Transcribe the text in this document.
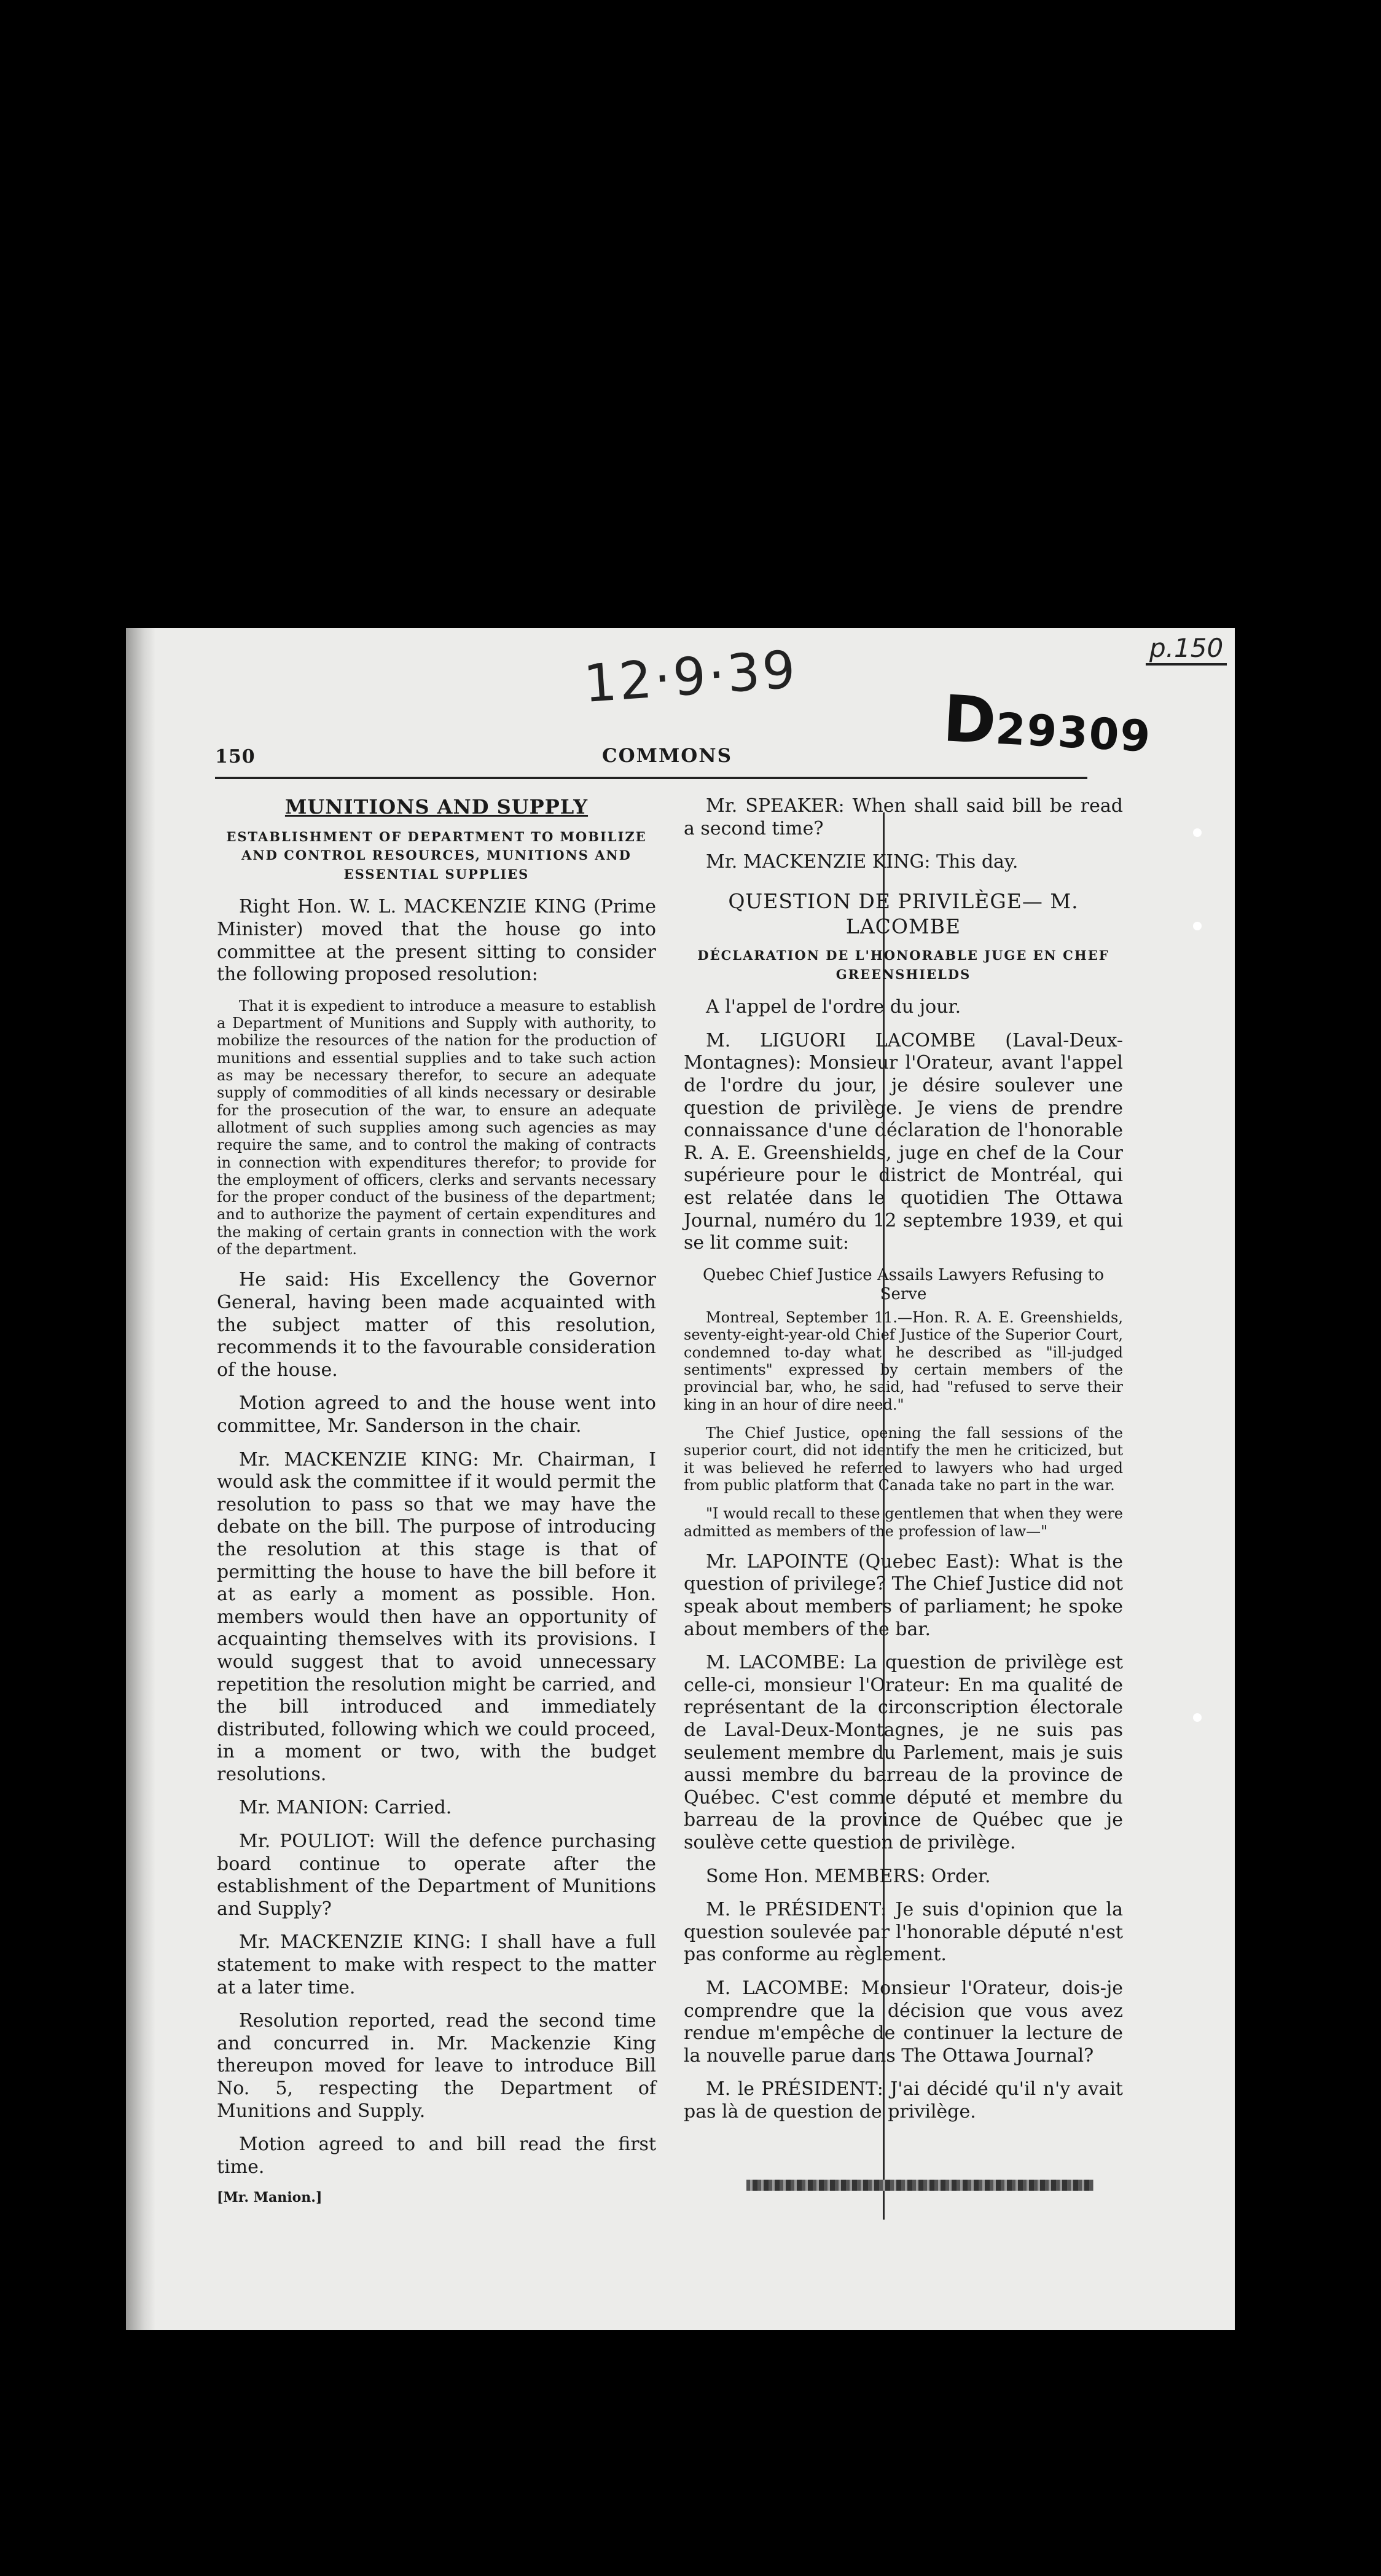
12·9·39	p.150
D29309
150	COMMONS
MUNITIONS AND SUPPLY
ESTABLISHMENT OF DEPARTMENT TO MOBILIZE AND CONTROL RESOURCES, MUNITIONS AND ESSENTIAL SUPPLIES

Right Hon. W. L. MACKENZIE KING (Prime Minister) moved that the house go into committee at the present sitting to consider the following proposed resolution:

That it is expedient to introduce a measure to establish a Department of Munitions and Supply with authority, to mobilize the resources of the nation for the production of munitions and essential supplies and to take such action as may be necessary therefor, to secure an adequate supply of commodities of all kinds necessary or desirable for the prosecution of the war, to ensure an adequate allotment of such supplies among such agencies as may require the same, and to control the making of contracts in connection with expenditures therefor; to provide for the employment of officers, clerks and servants necessary for the proper conduct of the business of the department; and to authorize the payment of certain expenditures and the making of certain grants in connection with the work of the department.

He said: His Excellency the Governor General, having been made acquainted with the subject matter of this resolution, recommends it to the favourable consideration of the house.

Motion agreed to and the house went into committee, Mr. Sanderson in the chair.

Mr. MACKENZIE KING: Mr. Chairman, I would ask the committee if it would permit the resolution to pass so that we may have the debate on the bill. The purpose of introducing the resolution at this stage is that of permitting the house to have the bill before it at as early a moment as possible. Hon. members would then have an opportunity of acquainting themselves with its provisions. I would suggest that to avoid unnecessary repetition the resolution might be carried, and the bill introduced and immediately distributed, following which we could proceed, in a moment or two, with the budget resolutions.

Mr. MANION: Carried.

Mr. POULIOT: Will the defence purchasing board continue to operate after the establishment of the Department of Munitions and Supply?

Mr. MACKENZIE KING: I shall have a full statement to make with respect to the matter at a later time.

Resolution reported, read the second time and concurred in. Mr. Mackenzie King thereupon moved for leave to introduce Bill No. 5, respecting the Department of Munitions and Supply.

Motion agreed to and bill read the first time.

[Mr. Manion.]

Mr. SPEAKER: When shall said bill be read a second time?

Mr. MACKENZIE KING: This day.

QUESTION DE PRIVILÈGE— M. LACOMBE
DÉCLARATION DE L'HONORABLE JUGE EN CHEF GREENSHIELDS

A l'appel de l'ordre du jour.

M. LIGUORI LACOMBE (Laval-Deux-Montagnes): Monsieur l'Orateur, avant l'appel de l'ordre du jour, je désire soulever une question de privilège. Je viens de prendre connaissance d'une déclaration de l'honorable R. A. E. Greenshields, juge en chef de la Cour supérieure pour le district de Montréal, qui est relatée dans le quotidien The Ottawa Journal, numéro du 12 septembre 1939, et qui se lit comme suit:

Quebec Chief Justice Assails Lawyers Refusing to Serve

Montreal, September 11.—Hon. R. A. E. Greenshields, seventy-eight-year-old Chief Justice of the Superior Court, condemned to-day what he described as "ill-judged sentiments" expressed by certain members of the provincial bar, who, he said, had "refused to serve their king in an hour of dire need."

The Chief Justice, opening the fall sessions of the superior court, did not identify the men he criticized, but it was believed he referred to lawyers who had urged from public platform that Canada take no part in the war.

"I would recall to these gentlemen that when they were admitted as members of the profession of law—"

Mr. LAPOINTE (Quebec East): What is the question of privilege? The Chief Justice did not speak about members of parliament; he spoke about members of the bar.

M. LACOMBE: La question de privilège est celle-ci, monsieur l'Orateur: En ma qualité de représentant de la circonscription électorale de Laval-Deux-Montagnes, je ne suis pas seulement membre du Parlement, mais je suis aussi membre du barreau de la province de Québec. C'est comme député et membre du barreau de la province de Québec que je soulève cette question de privilège.

Some Hon. MEMBERS: Order.

M. le PRÉSIDENT: Je suis d'opinion que la question soulevée par l'honorable député n'est pas conforme au règlement.

M. LACOMBE: Monsieur l'Orateur, dois-je comprendre que la décision que vous avez rendue m'empêche de continuer la lecture de la nouvelle parue dans The Ottawa Journal?

M. le PRÉSIDENT: J'ai décidé qu'il n'y avait pas là de question de privilège.
